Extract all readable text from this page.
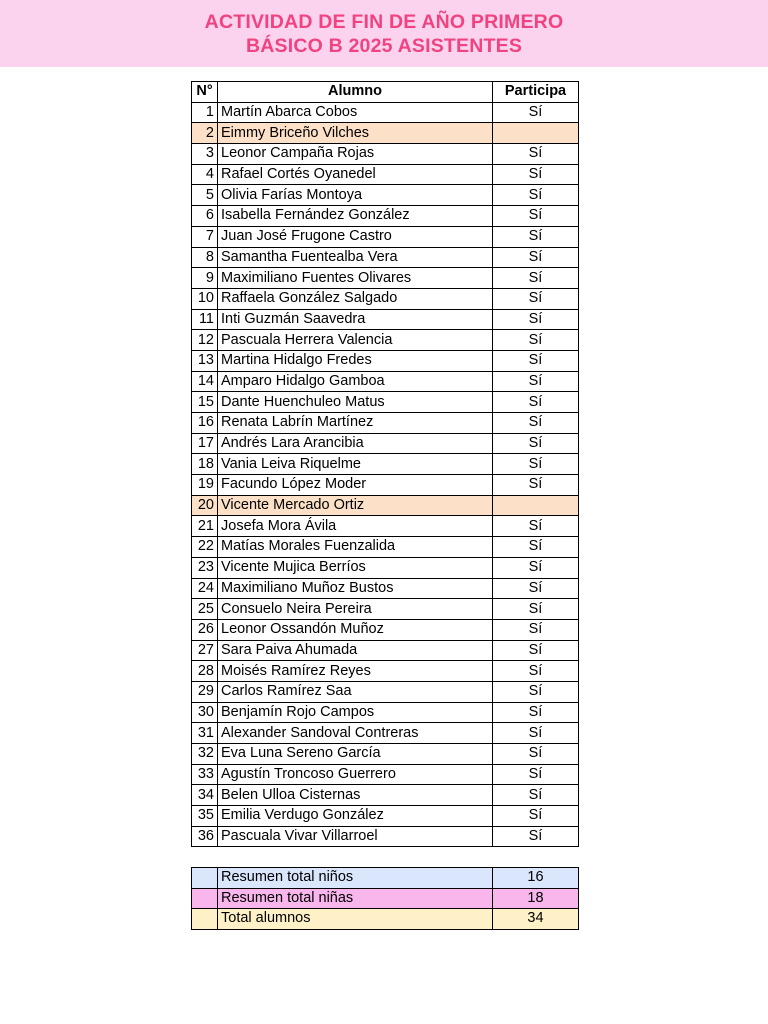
ACTIVIDAD DE FIN DE AÑO PRIMERO
BÁSICO B 2025 ASISTENTES
N°	Alumno	Participa
1	Martín Abarca Cobos	Sí
2	Eimmy Briceño Vilches	
3	Leonor Campaña Rojas	Sí
4	Rafael Cortés Oyanedel	Sí
5	Olivia Farías Montoya	Sí
6	Isabella Fernández González	Sí
7	Juan José Frugone Castro	Sí
8	Samantha Fuentealba Vera	Sí
9	Maximiliano Fuentes Olivares	Sí
10	Raffaela González Salgado	Sí
11	Inti Guzmán Saavedra	Sí
12	Pascuala Herrera Valencia	Sí
13	Martina Hidalgo Fredes	Sí
14	Amparo Hidalgo Gamboa	Sí
15	Dante Huenchuleo Matus	Sí
16	Renata Labrín Martínez	Sí
17	Andrés Lara Arancibia	Sí
18	Vania Leiva Riquelme	Sí
19	Facundo López Moder	Sí
20	Vicente Mercado Ortiz	
21	Josefa Mora Ávila	Sí
22	Matías Morales Fuenzalida	Sí
23	Vicente Mujica Berríos	Sí
24	Maximiliano Muñoz Bustos	Sí
25	Consuelo Neira Pereira	Sí
26	Leonor Ossandón Muñoz	Sí
27	Sara Paiva Ahumada	Sí
28	Moisés Ramírez Reyes	Sí
29	Carlos Ramírez Saa	Sí
30	Benjamín Rojo Campos	Sí
31	Alexander Sandoval Contreras	Sí
32	Eva Luna Sereno García	Sí
33	Agustín Troncoso Guerrero	Sí
34	Belen Ulloa Cisternas	Sí
35	Emilia Verdugo González	Sí
36	Pascuala Vivar Villarroel	Sí
	Resumen total niños	16
	Resumen total niñas	18
	Total alumnos	34
